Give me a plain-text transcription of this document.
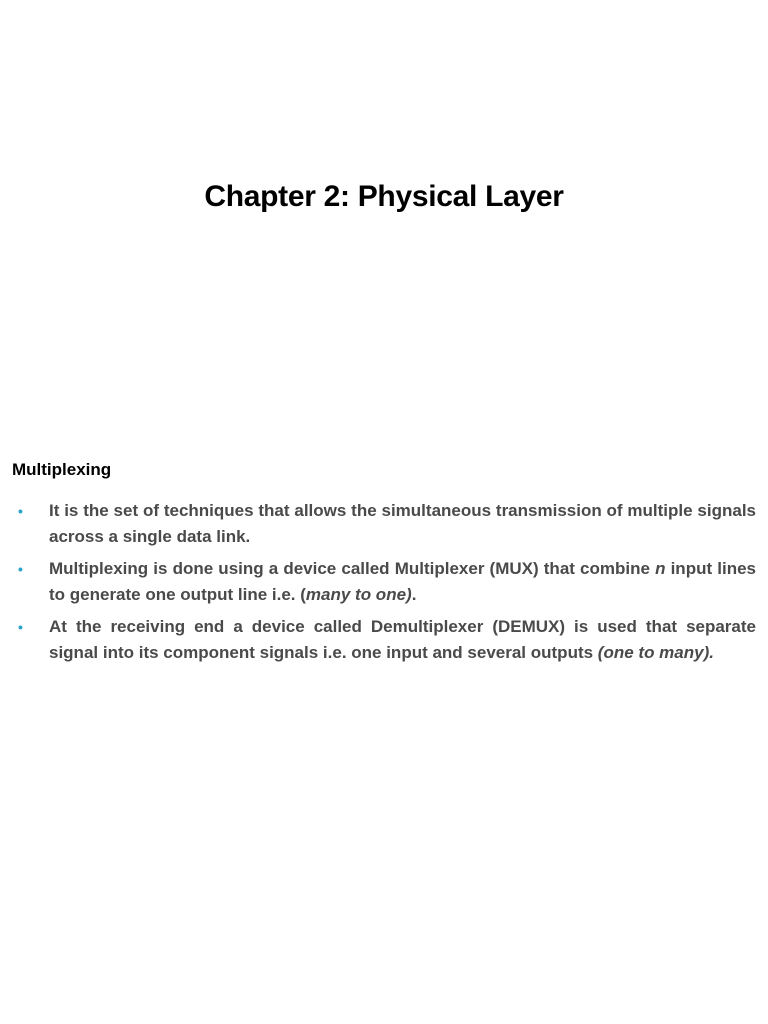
Chapter 2: Physical Layer
Multiplexing
• It is the set of techniques that allows the simultaneous transmission of multiple signals across a single data link.
• Multiplexing is done using a device called Multiplexer (MUX) that combine n input lines to generate one output line i.e. (many to one).
• At the receiving end a device called Demultiplexer (DEMUX) is used that separate signal into its component signals i.e. one input and several outputs (one to many).
